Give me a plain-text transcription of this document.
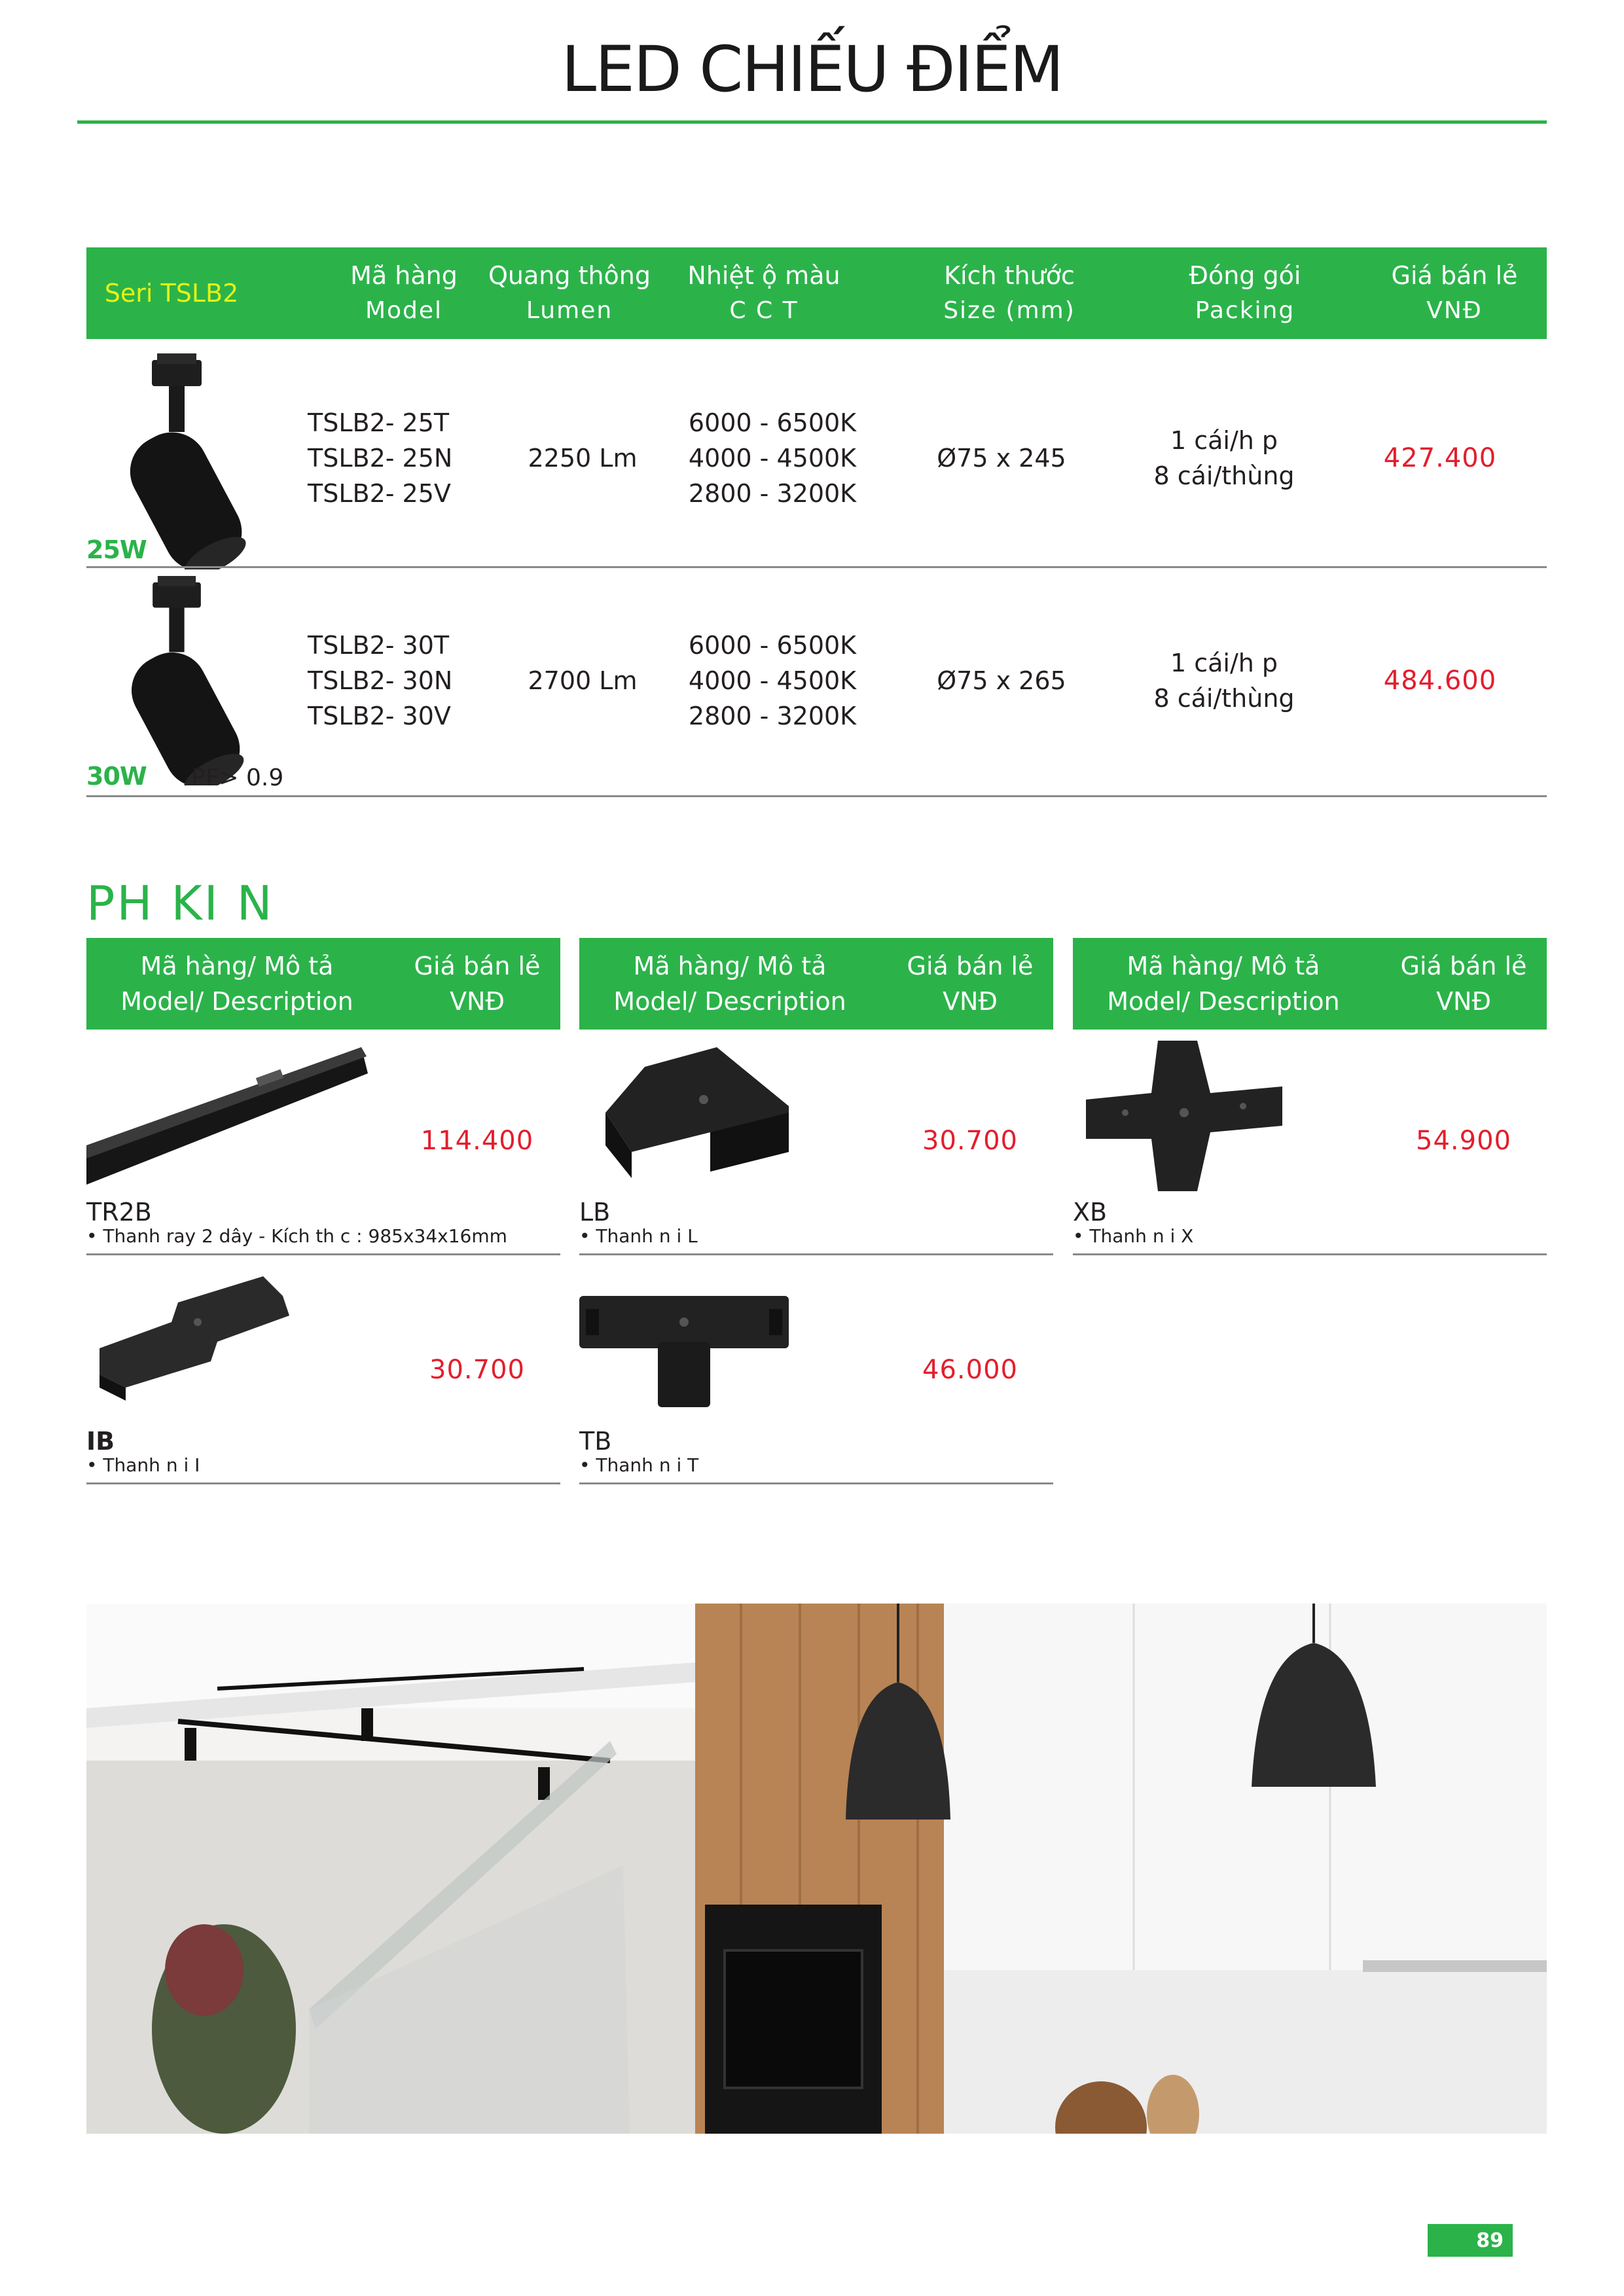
LED CHIẾU ĐIỂM
Seri TSLB2
Mã hàng
Model
Quang thông
Lumen
Nhiệt ộ màu
C C T
Kích thước
Size (mm)
Đóng gói
Packing
Giá bán lẻ
VNĐ
25W
TSLB2- 25T
TSLB2- 25N
TSLB2- 25V
2250 Lm
6000 - 6500K
4000 - 4500K
2800 - 3200K
Ø75 x 245
1 cái/h p
8 cái/thùng
427.400
30W PF> 0.9
TSLB2- 30T
TSLB2- 30N
TSLB2- 30V
2700 Lm
6000 - 6500K
4000 - 4500K
2800 - 3200K
Ø75 x 265
1 cái/h p
8 cái/thùng
484.600
PH KI N
Mã hàng/ Mô tả
Model/ Description
Giá bán lẻ
VNĐ
Mã hàng/ Mô tả
Model/ Description
Giá bán lẻ
VNĐ
Mã hàng/ Mô tả
Model/ Description
Giá bán lẻ
VNĐ
114.400
TR2B
• Thanh ray 2 dây - Kích th c : 985x34x16mm
30.700
LB
• Thanh n i L
54.900
XB
• Thanh n i X
30.700
IB
• Thanh n i I
46.000
TB
• Thanh n i T
89
